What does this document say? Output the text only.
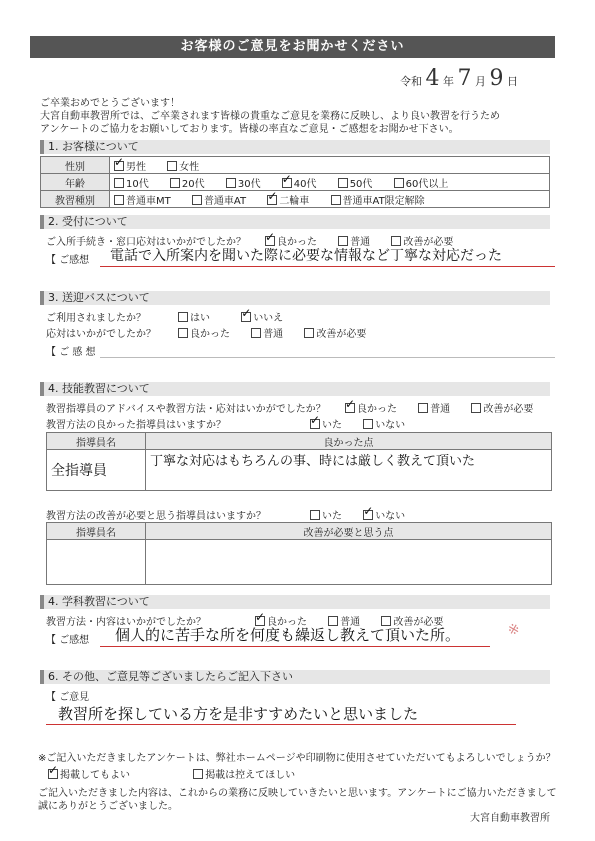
お客様のご意見をお聞かせください
令和 4 年 7 月 9 日
ご卒業おめでとうございます！
大宮自動車教習所では、ご卒業されます皆様の貴重なご意見を業務に反映し、より良い教習を行うため
アンケートのご協力をお願いしております。皆様の率直なご意見・ご感想をお聞かせ下さい。
1. お客様について
性別	✓男性 女性
年齢	10代 20代 30代 ✓ 40代 50代 60代以上
教習種別	普通車MT 普通車AT ✓ 二輪車 普通車AT限定解除
2. 受付について
ご入所手続き・窓口応対はいかがでしたか？ ✓	良かった	普通	改善が必要
【 ご感想 電話で入所案内を聞いた際に必要な情報など丁寧な対応だった
3. 送迎バスについて
ご利用されましたか？	はい ✓	いいえ
応対はいかがでしたか？	良かった	普通	改善が必要
【 ご 感 想
4. 技能教習について
教習指導員のアドバイスや教習方法・応対はいかがでしたか？ ✓	良かった	普通	改善が必要
教習方法の良かった指導員はいますか？ ✓	いた	いない
指導員名	良かった点
全指導員	丁寧な対応はもちろんの事、時には厳しく教えて頂いた
教習方法の改善が必要と思う指導員はいますか？	いた ✓	いない
指導員名	改善が必要と思う点

4. 学科教習について
教習方法・内容はいかがでしたか？ ✓	良かった	普通	改善が必要
【 ご感想 個人的に苦手な所を何度も繰返し教えて頂いた所。	※
6. その他、ご意見等ございましたらご記入下さい
【 ご意見
教習所を探している方を是非すすめたいと思いました
※ご記入いただきましたアンケートは、弊社ホームページや印刷物に使用させていただいてもよろしいでしょうか？
✓掲載してもよい	掲載は控えてほしい
ご記入いただきました内容は、これからの業務に反映していきたいと思います。アンケートにご協力いただきまして
誠にありがとうございました。
大宮自動車教習所
